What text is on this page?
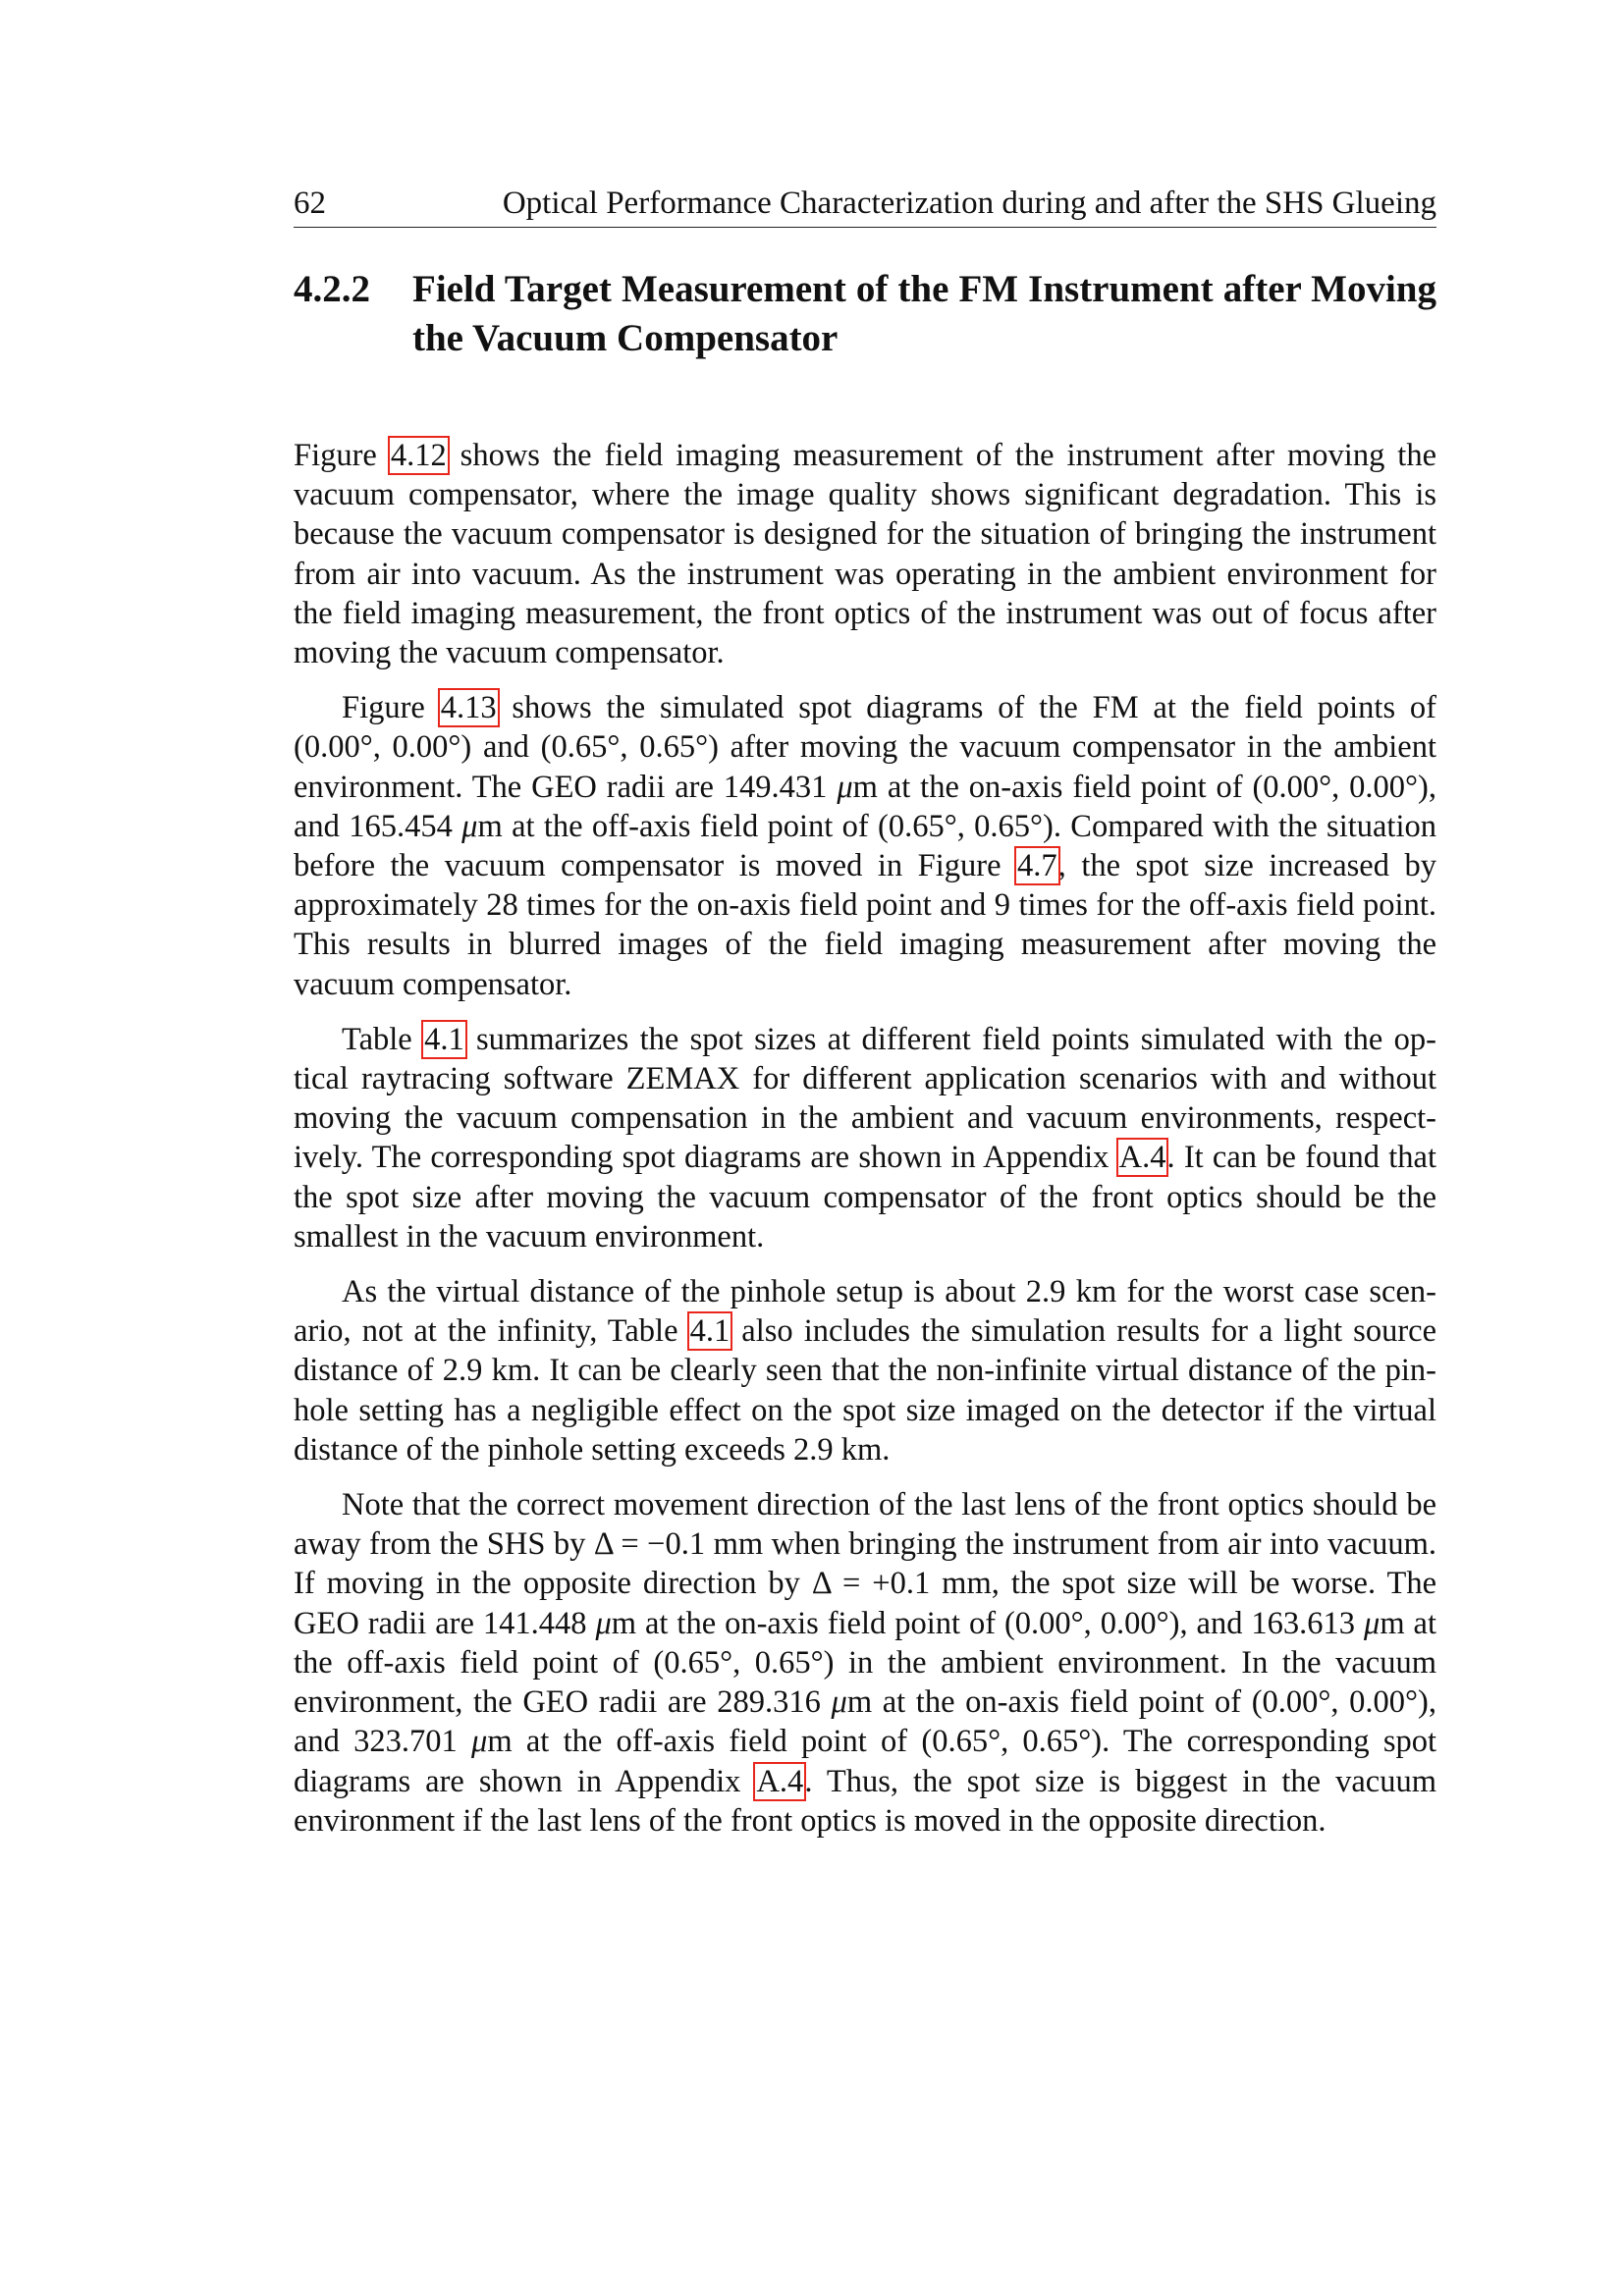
62	Optical Performance Characterization during and after the SHS Glueing
4.2.2	Field Target Measurement of the FM Instrument after Moving the Vacuum Compensator

Figure 4.12 shows the field imaging measurement of the instrument after moving the vacuum compensator, where the image quality shows significant degradation. This is because the vacuum compensator is designed for the situation of bringing the instrument from air into vacuum. As the instrument was operating in the ambient environment for the field imaging measurement, the front optics of the instrument was out of focus after moving the vacuum compensator.

Figure 4.13 shows the simulated spot diagrams of the FM at the field points of (0.00°, 0.00°) and (0.65°, 0.65°) after moving the vacuum compensator in the ambient environment. The GEO radii are 149.431 μm at the on-axis field point of (0.00°, 0.00°), and 165.454 μm at the off-axis field point of (0.65°, 0.65°). Compared with the situation before the vacuum compensator is moved in Figure 4.7, the spot size increased by approximately 28 times for the on-axis field point and 9 times for the off-axis field point. This results in blurred images of the field imaging measurement after moving the vacuum compensator.

Table 4.1 summarizes the spot sizes at different field points simulated with the optical raytracing software ZEMAX for different application scenarios with and without moving the vacuum compensation in the ambient and vacuum environments, respectively. The corresponding spot diagrams are shown in Appendix A.4. It can be found that the spot size after moving the vacuum compensator of the front optics should be the smallest in the vacuum environment.

As the virtual distance of the pinhole setup is about 2.9 km for the worst case scenario, not at the infinity, Table 4.1 also includes the simulation results for a light source distance of 2.9 km. It can be clearly seen that the non-infinite virtual distance of the pinhole setting has a negligible effect on the spot size imaged on the detector if the virtual distance of the pinhole setting exceeds 2.9 km.

Note that the correct movement direction of the last lens of the front optics should be away from the SHS by Δ = −0.1 mm when bringing the instrument from air into vacuum. If moving in the opposite direction by Δ = +0.1 mm, the spot size will be worse. The GEO radii are 141.448 μm at the on-axis field point of (0.00°, 0.00°), and 163.613 μm at the off-axis field point of (0.65°, 0.65°) in the ambient environment. In the vacuum environment, the GEO radii are 289.316 μm at the on-axis field point of (0.00°, 0.00°), and 323.701 μm at the off-axis field point of (0.65°, 0.65°). The corresponding spot diagrams are shown in Appendix A.4. Thus, the spot size is biggest in the vacuum environment if the last lens of the front optics is moved in the opposite direction.
